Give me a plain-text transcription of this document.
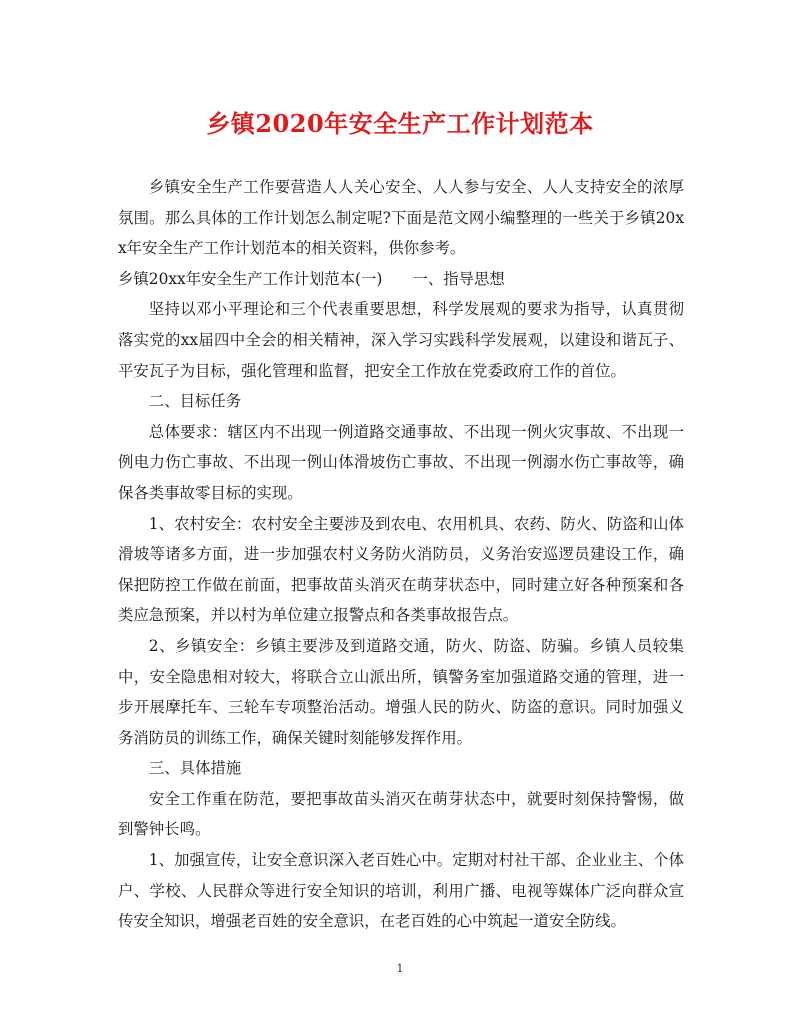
乡镇2020年安全生产工作计划范本

乡镇安全生产工作要营造人人关心安全、人人参与安全、人人支持安全的浓厚氛围。那么具体的工作计划怎么制定呢?下面是范文网小编整理的一些关于乡镇20xx年安全生产工作计划范本的相关资料，供你参考。

乡镇20xx年安全生产工作计划范本(一) 一、指导思想

坚持以邓小平理论和三个代表重要思想，科学发展观的要求为指导，认真贯彻落实党的xx届四中全会的相关精神，深入学习实践科学发展观，以建设和谐瓦子、平安瓦子为目标，强化管理和监督，把安全工作放在党委政府工作的首位。

二、目标任务

总体要求：辖区内不出现一例道路交通事故、不出现一例火灾事故、不出现一例电力伤亡事故、不出现一例山体滑坡伤亡事故、不出现一例溺水伤亡事故等，确保各类事故零目标的实现。

1、农村安全：农村安全主要涉及到农电、农用机具、农药、防火、防盗和山体滑坡等诸多方面，进一步加强农村义务防火消防员，义务治安巡逻员建设工作，确保把防控工作做在前面，把事故苗头消灭在萌芽状态中，同时建立好各种预案和各类应急预案，并以村为单位建立报警点和各类事故报告点。

2、乡镇安全：乡镇主要涉及到道路交通，防火、防盗、防骗。乡镇人员较集中，安全隐患相对较大，将联合立山派出所，镇警务室加强道路交通的管理，进一步开展摩托车、三轮车专项整治活动。增强人民的防火、防盗的意识。同时加强义务消防员的训练工作，确保关键时刻能够发挥作用。

三、具体措施

安全工作重在防范，要把事故苗头消灭在萌芽状态中，就要时刻保持警惕，做到警钟长鸣。

1、加强宣传，让安全意识深入老百姓心中。定期对村社干部、企业业主、个体户、学校、人民群众等进行安全知识的培训，利用广播、电视等媒体广泛向群众宣传安全知识，增强老百姓的安全意识，在老百姓的心中筑起一道安全防线。

1
